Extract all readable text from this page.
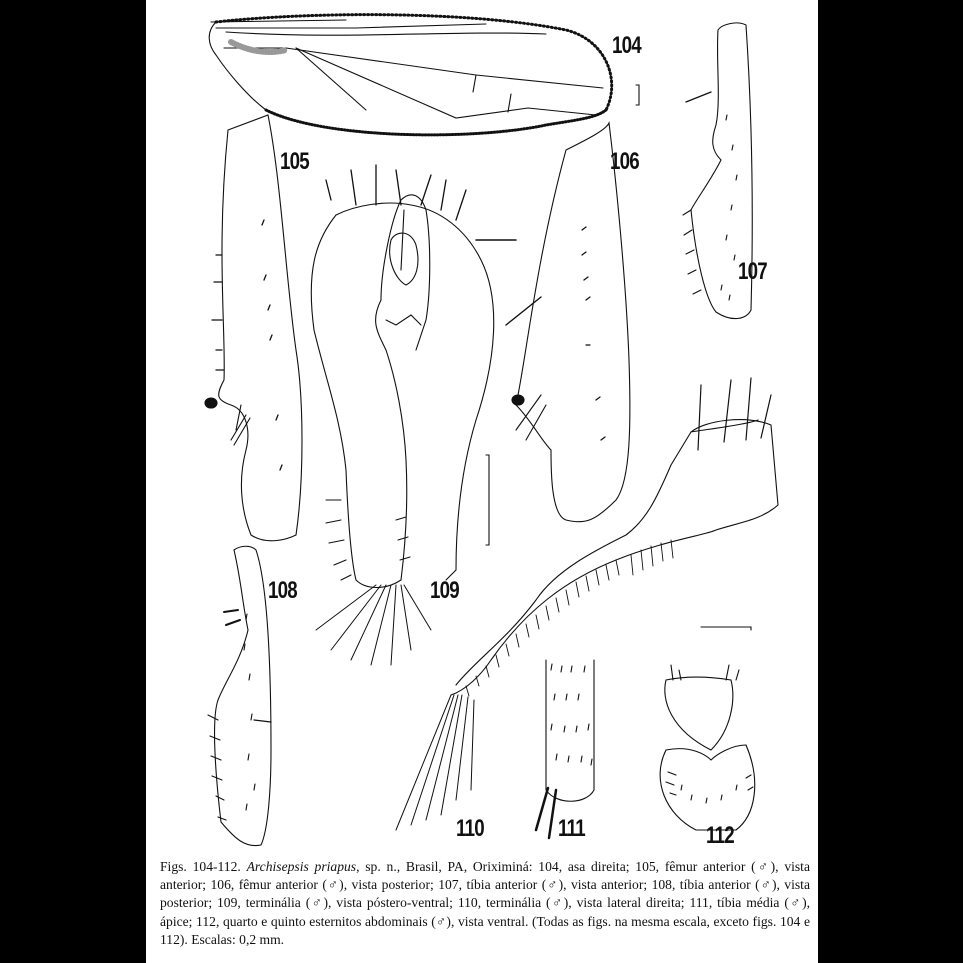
104
105	106
107
108	109
110	111	112
Figs. 104-112. Archisepsis priapus, sp. n., Brasil, PA, Oriximiná: 104, asa direita; 105, fêmur anterior (♂), vista anterior; 106, fêmur anterior (♂), vista posterior; 107, tíbia anterior (♂), vista anterior; 108, tíbia anterior (♂), vista posterior; 109, terminália (♂), vista póstero-ventral; 110, terminália (♂), vista lateral direita; 111, tíbia média (♂), ápice; 112, quarto e quinto esternitos abdominais (♂), vista ventral. (Todas as figs. na mesma escala, exceto figs. 104 e 112). Escalas: 0,2 mm.
